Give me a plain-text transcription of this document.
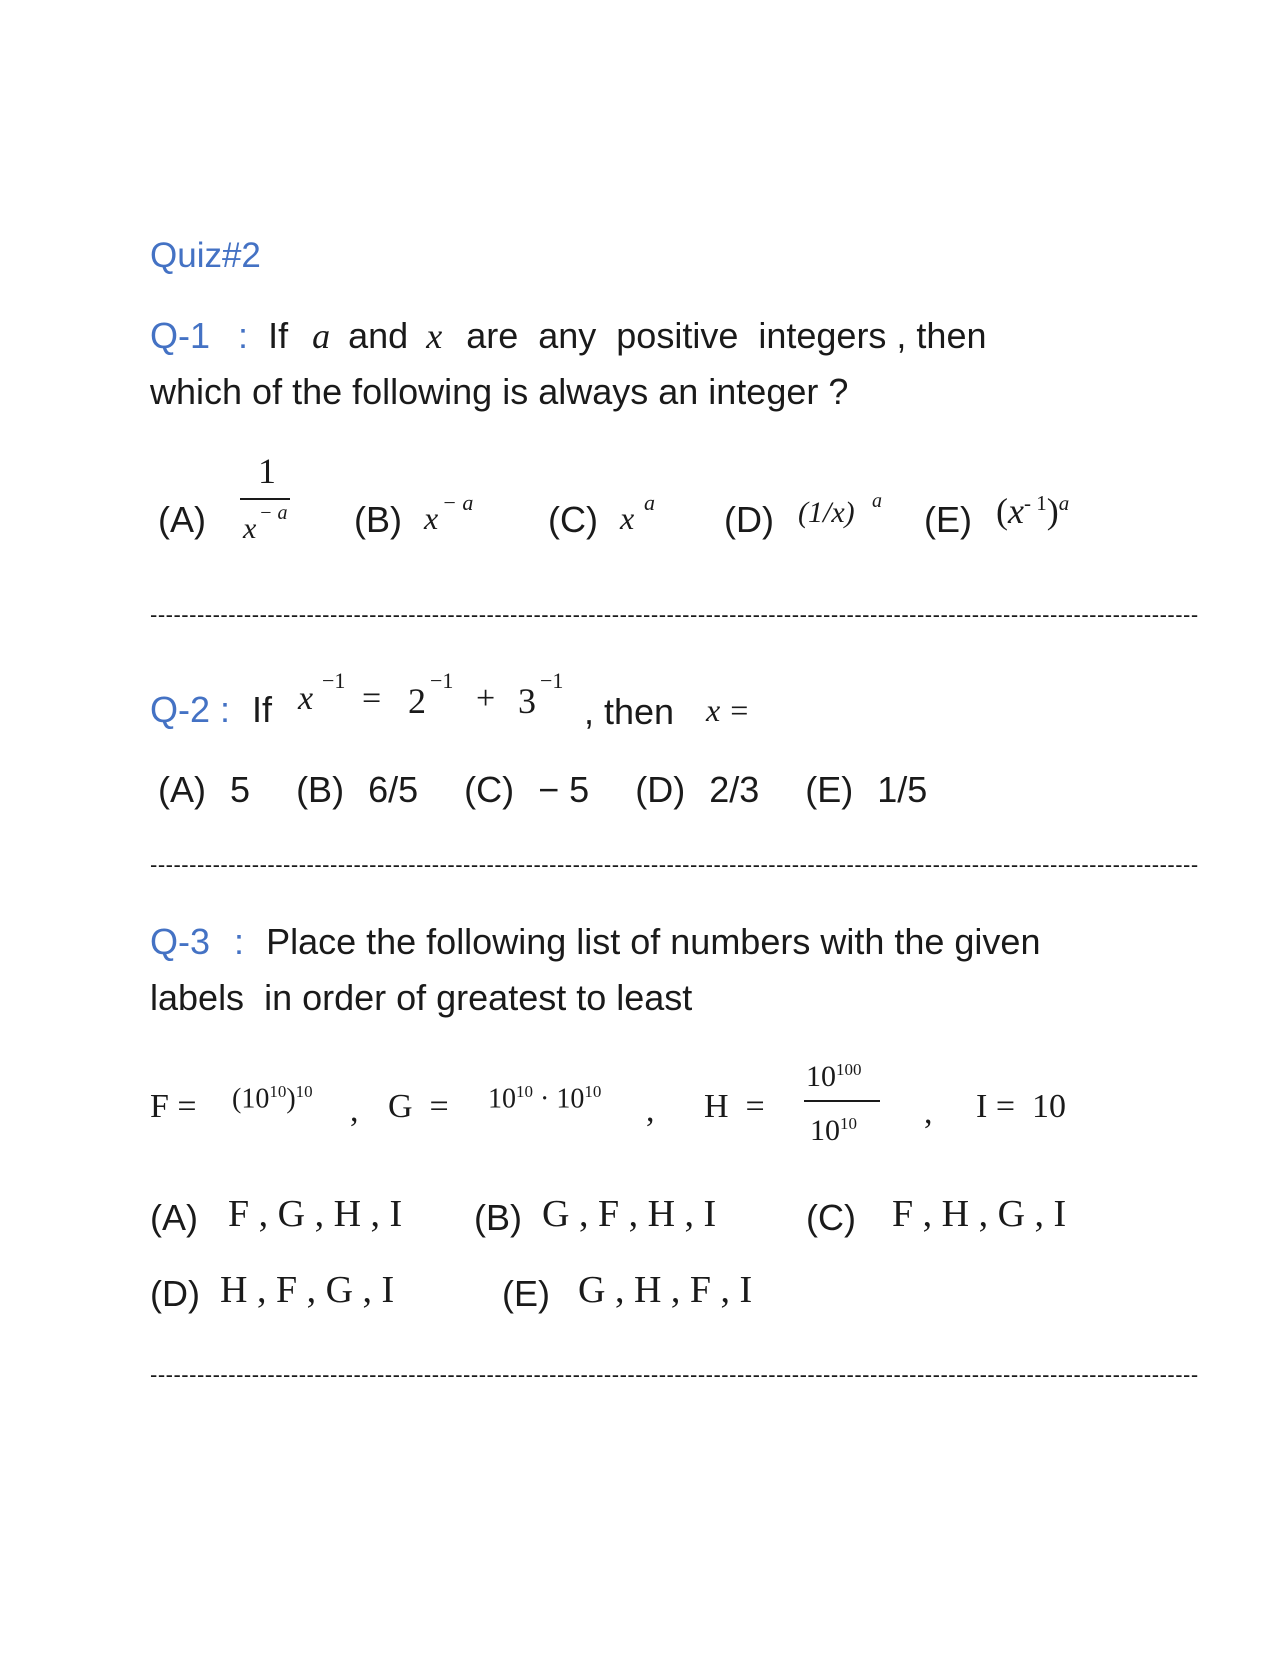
Quiz#2
Q-1 : If a and x are  any  positive  integers , then
which of the following is always an integer ?
(A)
1
x − a (B) x − a (C) x a (D) (1/x) a (E) $(x^{- 1})^a$
--------------------------------------------------------------------------------------------------------------------------------------
Q-2 : If x −1 = 2
−1 + 3
−1
, then x =
(A) 5 (B) 6/5 (C) − 5 (D) 2/3 (E) 1/5
--------------------------------------------------------------------------------------------------------------------------------------
Q-3 : Place the following list of numbers with the given
labels  in order of greatest to least
$F = (10^{10})^{10}$
, $G = 10^{10} \cdot 10^{10}$
, H  =
$10^{100}$
$10^{10}$ , I =  10
(A) F , G , H , I (B) G , F , H , I (C) F , H , G , I
(D) H , F , G , I	(E) G , H , F , I
--------------------------------------------------------------------------------------------------------------------------------------
